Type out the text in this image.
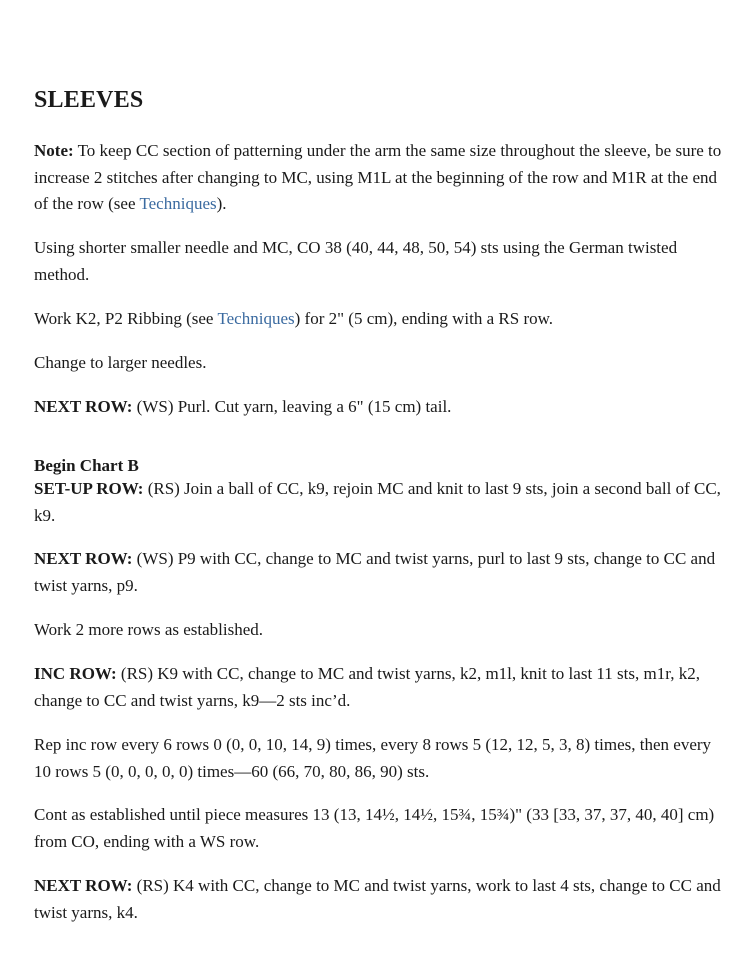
SLEEVES

Note: To keep CC section of patterning under the arm the same size throughout the sleeve, be sure to increase 2 stitches after changing to MC, using M1L at the beginning of the row and M1R at the end of the row (see Techniques).

Using shorter smaller needle and MC, CO 38 (40, 44, 48, 50, 54) sts using the German twisted method.

Work K2, P2 Ribbing (see Techniques) for 2" (5 cm), ending with a RS row.

Change to larger needles.

NEXT ROW: (WS) Purl. Cut yarn, leaving a 6" (15 cm) tail.

Begin Chart B

SET-UP ROW: (RS) Join a ball of CC, k9, rejoin MC and knit to last 9 sts, join a second ball of CC, k9.

NEXT ROW: (WS) P9 with CC, change to MC and twist yarns, purl to last 9 sts, change to CC and twist yarns, p9.

Work 2 more rows as established.

INC ROW: (RS) K9 with CC, change to MC and twist yarns, k2, m1l, knit to last 11 sts, m1r, k2, change to CC and twist yarns, k9—2 sts inc’d.

Rep inc row every 6 rows 0 (0, 0, 10, 14, 9) times, every 8 rows 5 (12, 12, 5, 3, 8) times, then every 10 rows 5 (0, 0, 0, 0, 0) times—60 (66, 70, 80, 86, 90) sts.

Cont as established until piece measures 13 (13, 14½, 14½, 15¾, 15¾)" (33 [33, 37, 37, 40, 40] cm) from CO, ending with a WS row.

NEXT ROW: (RS) K4 with CC, change to MC and twist yarns, work to last 4 sts, change to CC and twist yarns, k4.
